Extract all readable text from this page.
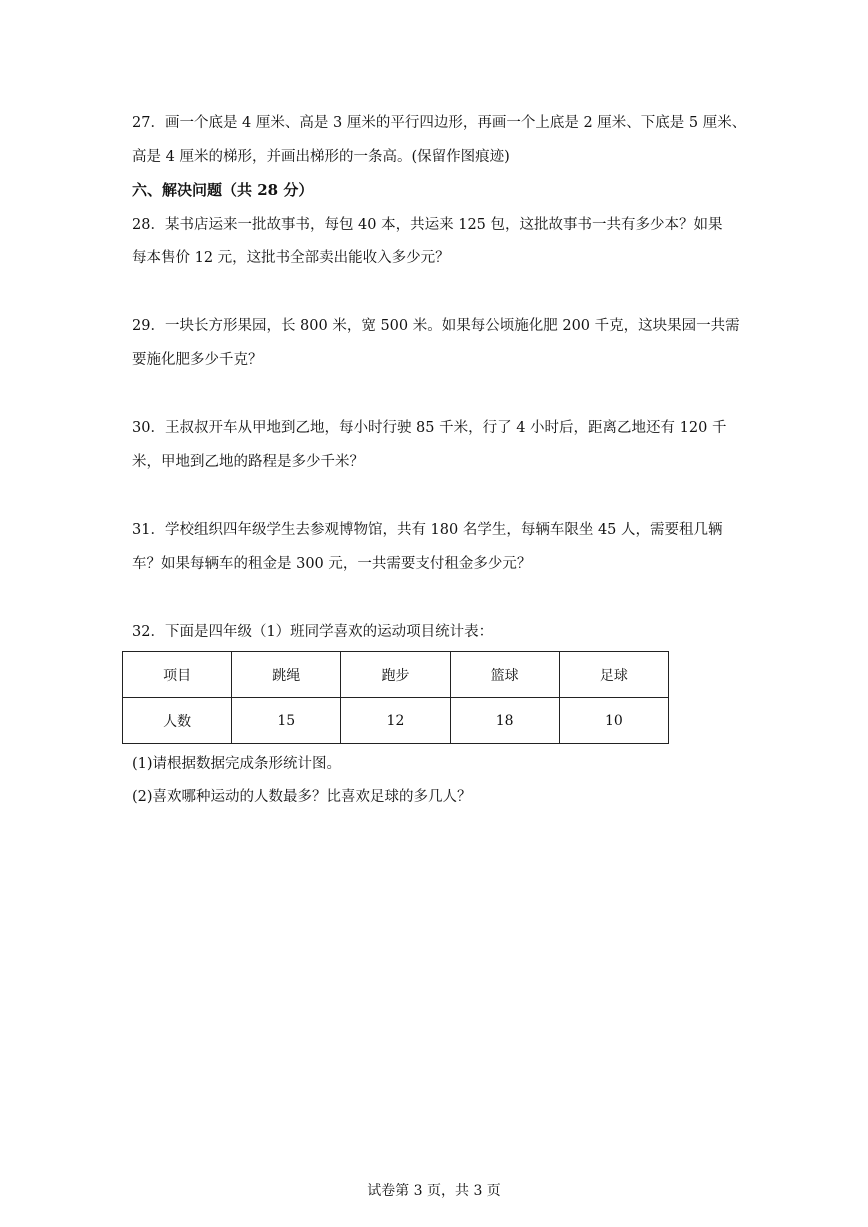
27．画一个底是 4 厘米、高是 3 厘米的平行四边形，再画一个上底是 2 厘米、下底是 5 厘米、
高是 4 厘米的梯形，并画出梯形的一条高。(保留作图痕迹)
六、解决问题（共 28 分）
28．某书店运来一批故事书，每包 40 本，共运来 125 包，这批故事书一共有多少本？如果
每本售价 12 元，这批书全部卖出能收入多少元？
29．一块长方形果园，长 800 米，宽 500 米。如果每公顷施化肥 200 千克，这块果园一共需
要施化肥多少千克？
30．王叔叔开车从甲地到乙地，每小时行驶 85 千米，行了 4 小时后，距离乙地还有 120 千
米，甲地到乙地的路程是多少千米？
31．学校组织四年级学生去参观博物馆，共有 180 名学生，每辆车限坐 45 人，需要租几辆
车？如果每辆车的租金是 300 元，一共需要支付租金多少元？
32．下面是四年级（1）班同学喜欢的运动项目统计表：
项目	跳绳	跑步	篮球	足球
人数	15	12	18	10
(1)请根据数据完成条形统计图。
(2)喜欢哪种运动的人数最多？比喜欢足球的多几人？
试卷第 3 页，共 3 页
